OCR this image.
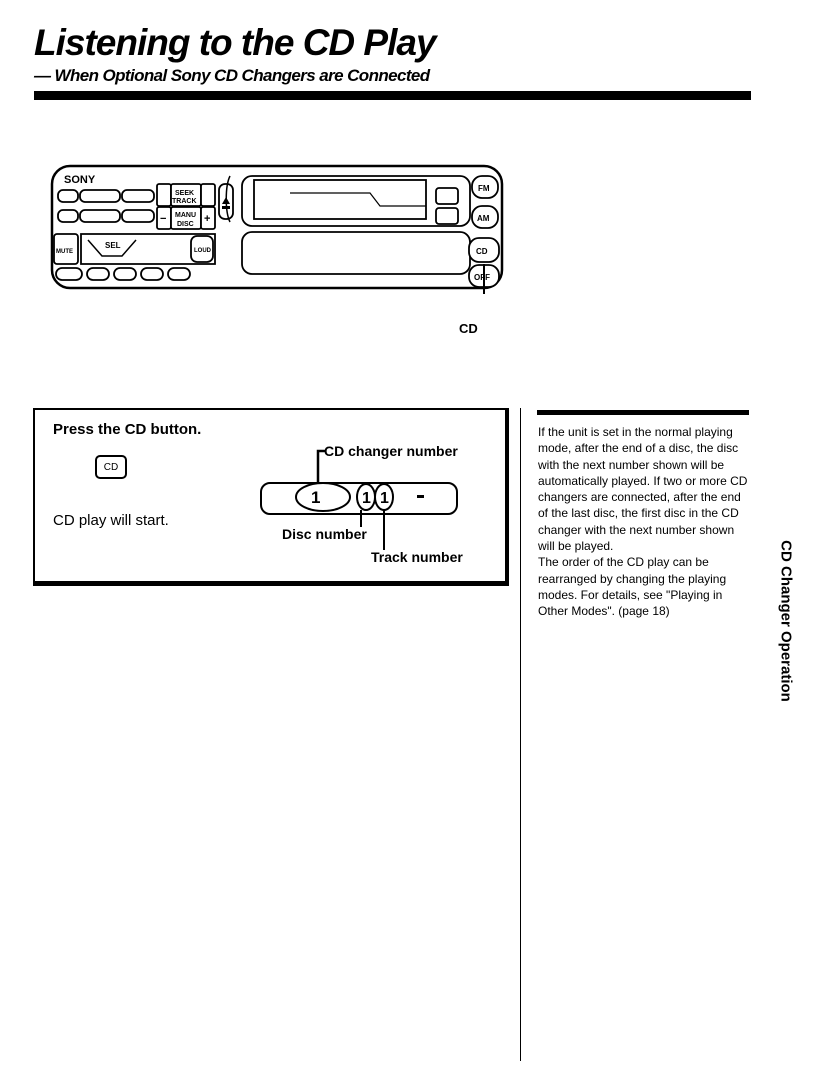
Listening to the CD Play
— When Optional Sony CD Changers are Connected
SONY
SEEK
TRACK
MANU
DISC
−	+
MUTE
SEL
LOUD
FM
AM
CD
OFF
CD
Press the CD button.
CD
CD play will start.
1	1 1
CD changer number
Disc number
Track number

If the unit is set in the normal playing mode, after the end of a disc, the disc with the next number shown will be automatically played. If two or more CD changers are connected, after the end of the last disc, the first disc in the CD changer with the next number shown will be played.

The order of the CD play can be rearranged by changing the playing modes. For details, see "Playing in Other Modes". (page 18)	CD Changer Operation
